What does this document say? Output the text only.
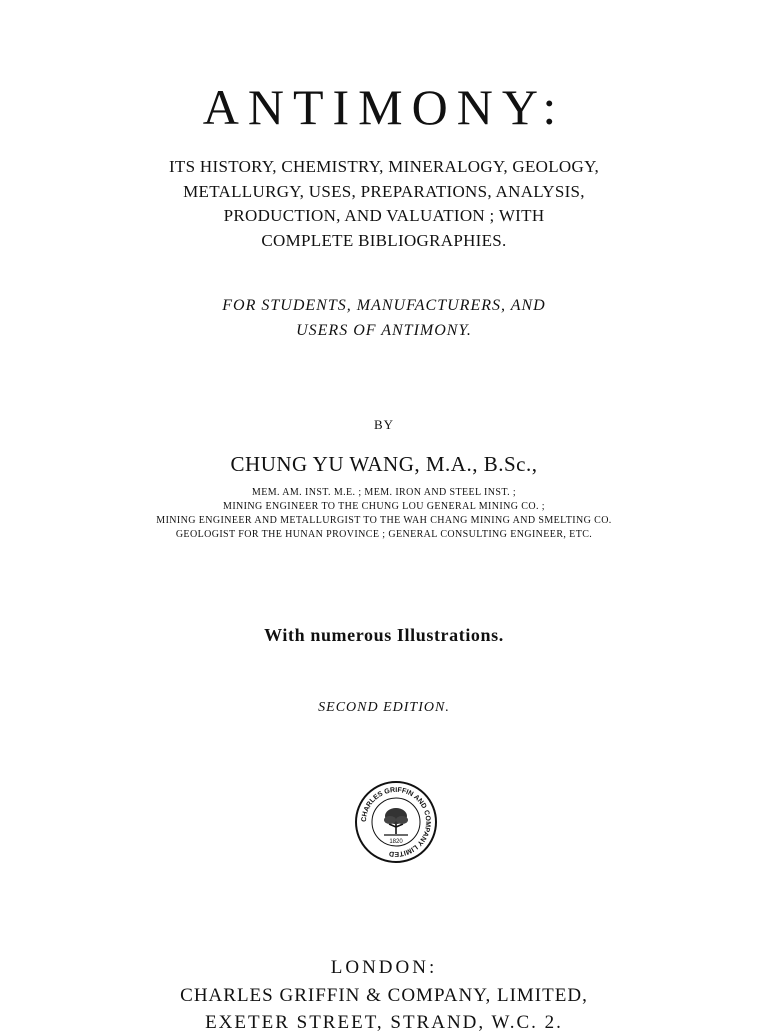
ANTIMONY:
ITS HISTORY, CHEMISTRY, MINERALOGY, GEOLOGY,
METALLURGY, USES, PREPARATIONS, ANALYSIS,
PRODUCTION, AND VALUATION ; WITH
COMPLETE BIBLIOGRAPHIES.
FOR STUDENTS, MANUFACTURERS, AND
USERS OF ANTIMONY.
BY
CHUNG YU WANG, M.A., B.Sc.,
MEM. AM. INST. M.E. ; MEM. IRON AND STEEL INST. ;
MINING ENGINEER TO THE CHUNG LOU GENERAL MINING CO. ;
MINING ENGINEER AND METALLURGIST TO THE WAH CHANG MINING AND SMELTING CO.
GEOLOGIST FOR THE HUNAN PROVINCE ; GENERAL CONSULTING ENGINEER, ETC.
With numerous Illustrations.
SECOND EDITION.
CHARLES GRIFFIN AND COMPANY LIMITED
1820
LONDON:
CHARLES GRIFFIN & COMPANY, LIMITED,
EXETER STREET, STRAND, W.C. 2.
